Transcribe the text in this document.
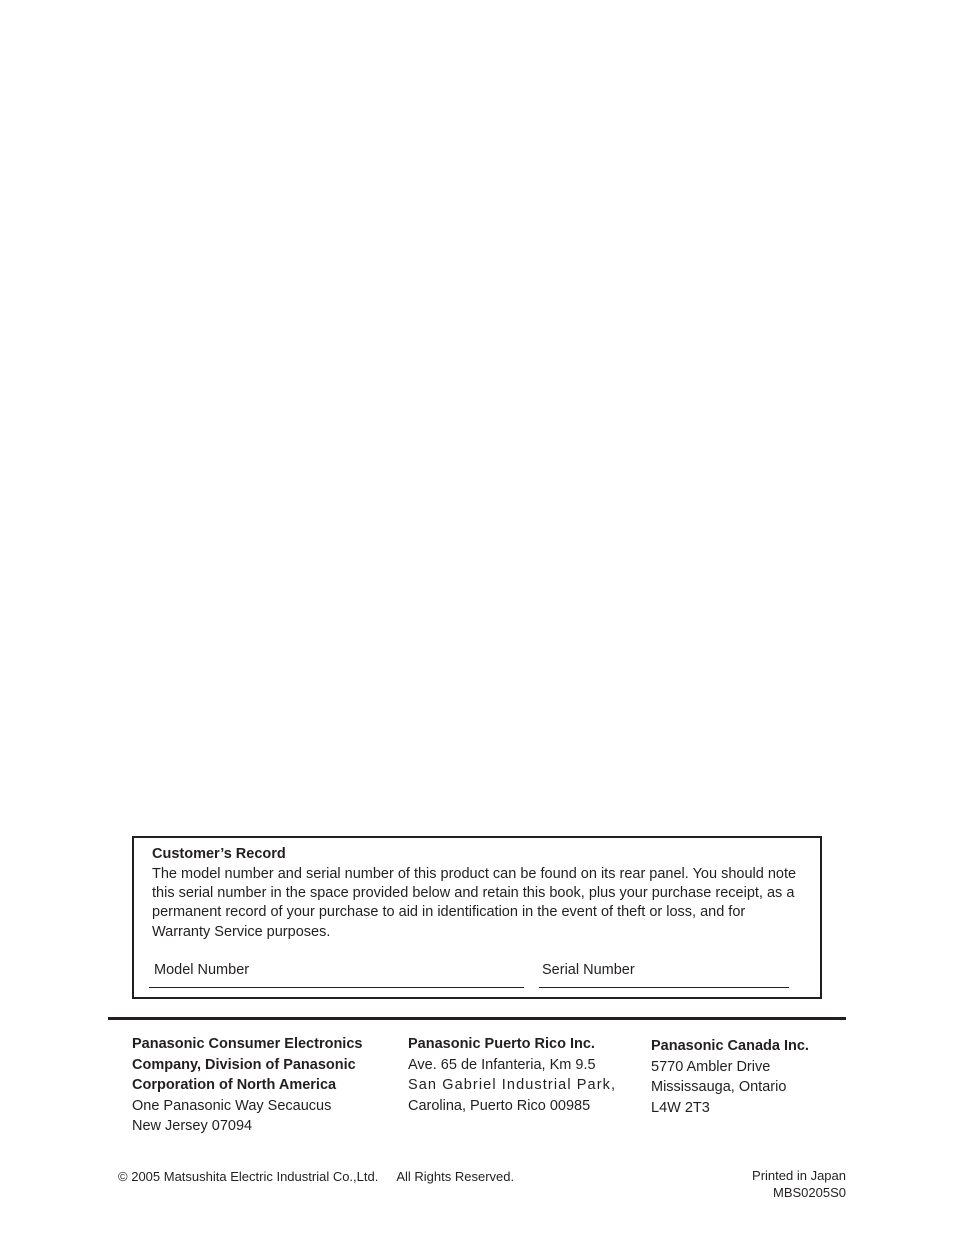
Customer’s Record

The model number and serial number of this product can be found on its rear panel. You should note this serial number in the space provided below and retain this book, plus your purchase receipt, as a permanent record of your purchase to aid in identification in the event of theft or loss, and for Warranty Service purposes.

Model Number	Serial Number
Panasonic Consumer Electronics
Company, Division of Panasonic
Corporation of North America
One Panasonic Way Secaucus
New Jersey 07094
Panasonic Puerto Rico Inc.
Ave. 65 de Infanteria, Km 9.5
San Gabriel Industrial Park,
Carolina, Puerto Rico 00985
Panasonic Canada Inc.
5770 Ambler Drive
Mississauga, Ontario
L4W 2T3
© 2005 Matsushita Electric Industrial Co.,Ltd. All Rights Reserved.	Printed in Japan
MBS0205S0
